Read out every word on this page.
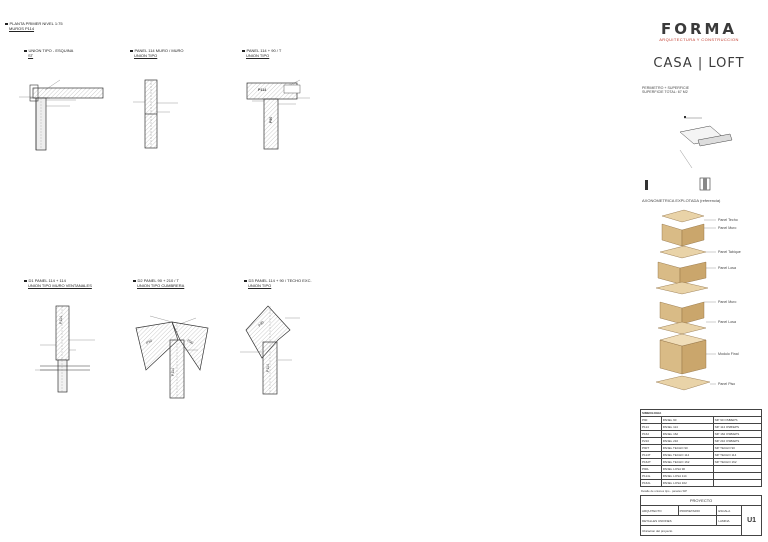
PLANTA PRIMER NIVEL 1:75
MUROS P114
UNION TIPO - ESQUINA
ST
PANEL 114 MURO / MURO
UNION TIPO
PANEL 114 + 90 / T
UNION TIPO
D1 PANEL 114 + 114
UNION TIPO MURO VENTANALES
D2 PANEL 90 + 210 / T
UNION TIPO CUMBRERA
D3 PANEL 114 + 90 / TECHO EXC.
UNION TIPO
P114
P90
P114
P90	P90
P114
P90
P114
FORMA
ARQUITECTURA Y CONSTRUCCION
CASA | LOFT
PERIMETRO + SUPERFICIE
SUPERFICIE TOTAL: 67 M2
AXONOMETRICA EXPLOTADA (referencia)
Panel Techo
Panel Muro
Panel Tabique
Panel Losa
Panel Muro
Panel Losa
Modulo Final
Panel Piso
SIMBOLOGIA		
P90	PANEL 90	SIP 90 OSB/EPS
P114	PANEL 114	SIP 114 OSB/EPS
P162	PANEL 162	SIP 162 OSB/EPS
P210	PANEL 210	SIP 210 OSB/EPS
P90T	PANEL TECHO 90	SIP TECHO 90
P114T	PANEL TECHO 114	SIP TECHO 114
P162T	PANEL TECHO 162	SIP TECHO 162
P90L	PANEL LOSA 90	
P114L	PANEL LOSA 114	
P162L	PANEL LOSA 162	
Detalle de uniones tipo - paneles SIP
PROYECTO			
ARQUITECTO	PROPIETARIO	ESCALA	U1
DETALLES UNIONES		LAMINA	
Ubicacion del proyecto			
